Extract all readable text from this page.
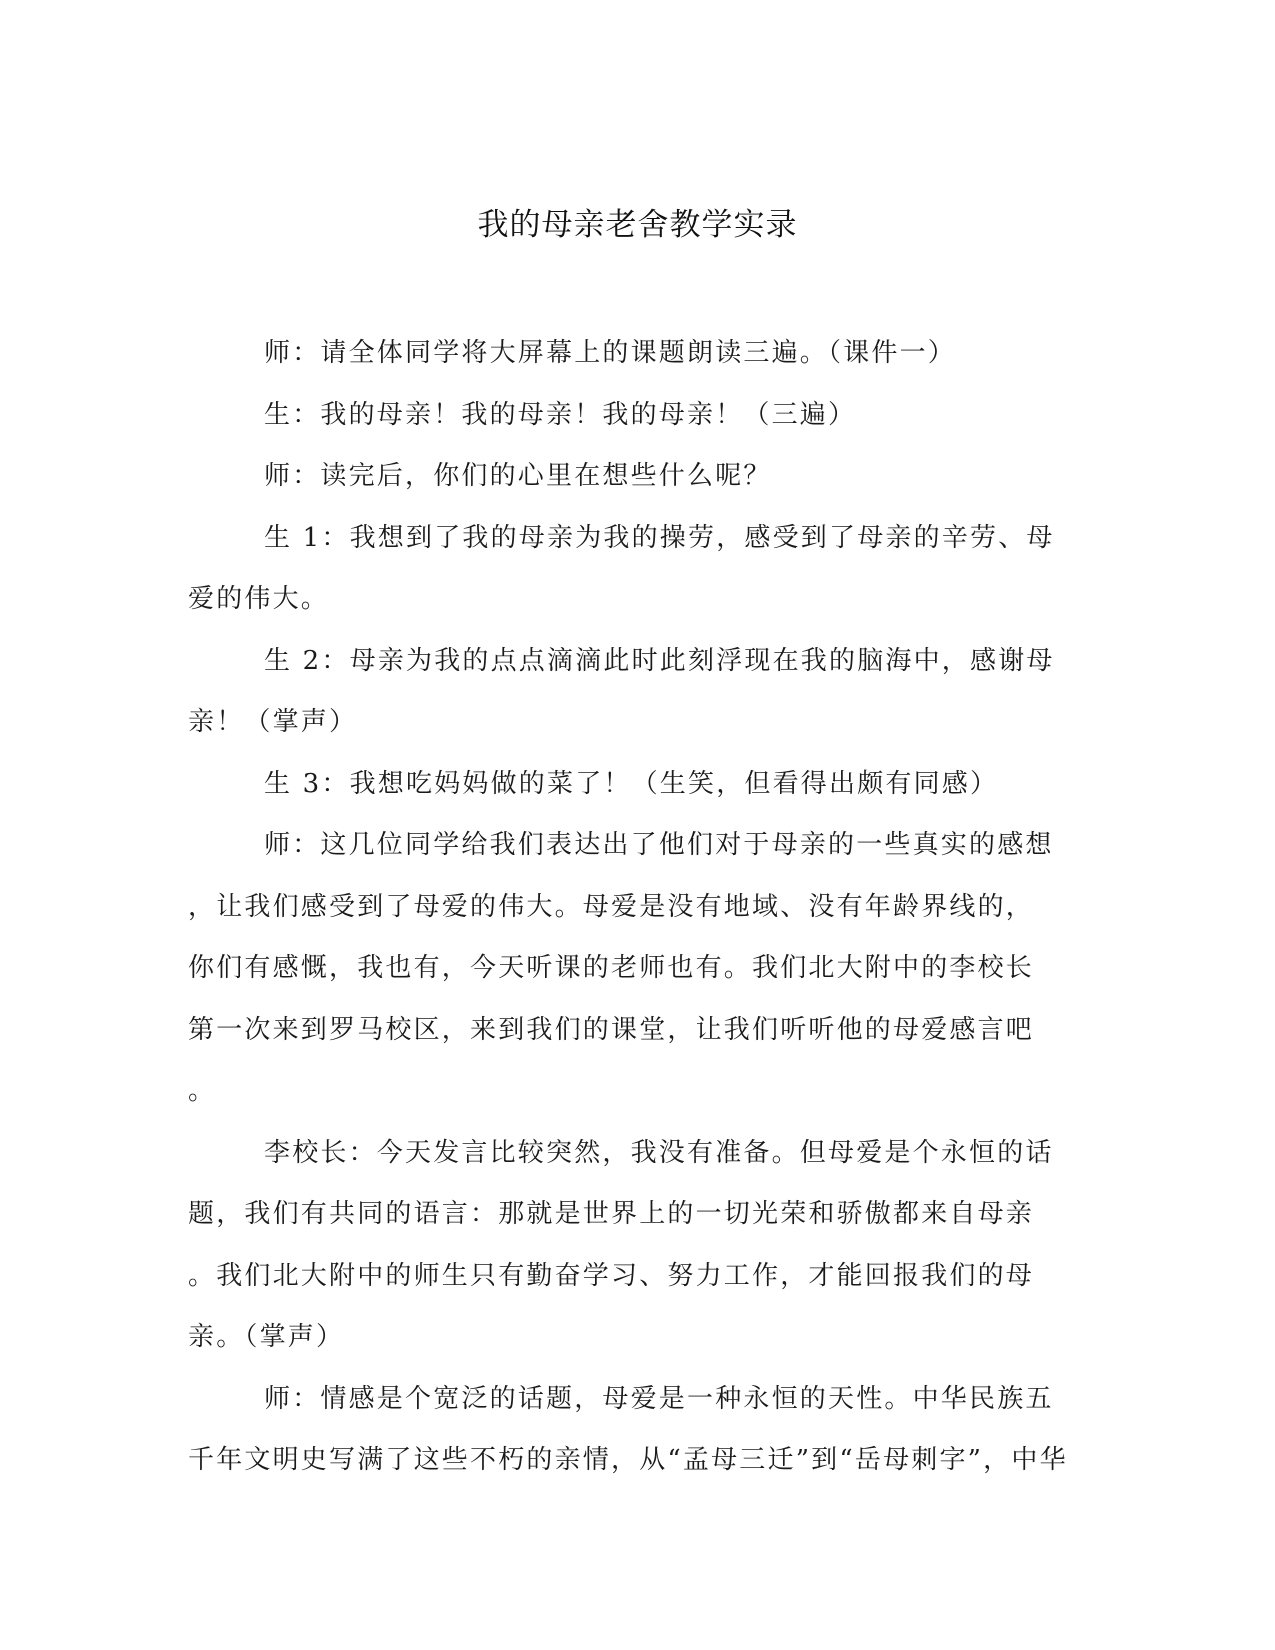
我的母亲老舍教学实录

师：请全体同学将大屏幕上的课题朗读三遍。（课件一）

生：我的母亲！我的母亲！我的母亲！（三遍）

师：读完后，你们的心里在想些什么呢？

生 1：我想到了我的母亲为我的操劳，感受到了母亲的辛劳、母
爱的伟大。

生 2：母亲为我的点点滴滴此时此刻浮现在我的脑海中，感谢母
亲！（掌声）

生 3：我想吃妈妈做的菜了！（生笑，但看得出颇有同感）

师：这几位同学给我们表达出了他们对于母亲的一些真实的感想
，让我们感受到了母爱的伟大。母爱是没有地域、没有年龄界线的，
你们有感慨，我也有，今天听课的老师也有。我们北大附中的李校长
第一次来到罗马校区，来到我们的课堂，让我们听听他的母爱感言吧
。

李校长：今天发言比较突然，我没有准备。但母爱是个永恒的话
题，我们有共同的语言：那就是世界上的一切光荣和骄傲都来自母亲
。我们北大附中的师生只有勤奋学习、努力工作，才能回报我们的母
亲。（掌声）

师：情感是个宽泛的话题，母爱是一种永恒的天性。中华民族五
千年文明史写满了这些不朽的亲情，从“孟母三迁”到“岳母刺字”，中华
